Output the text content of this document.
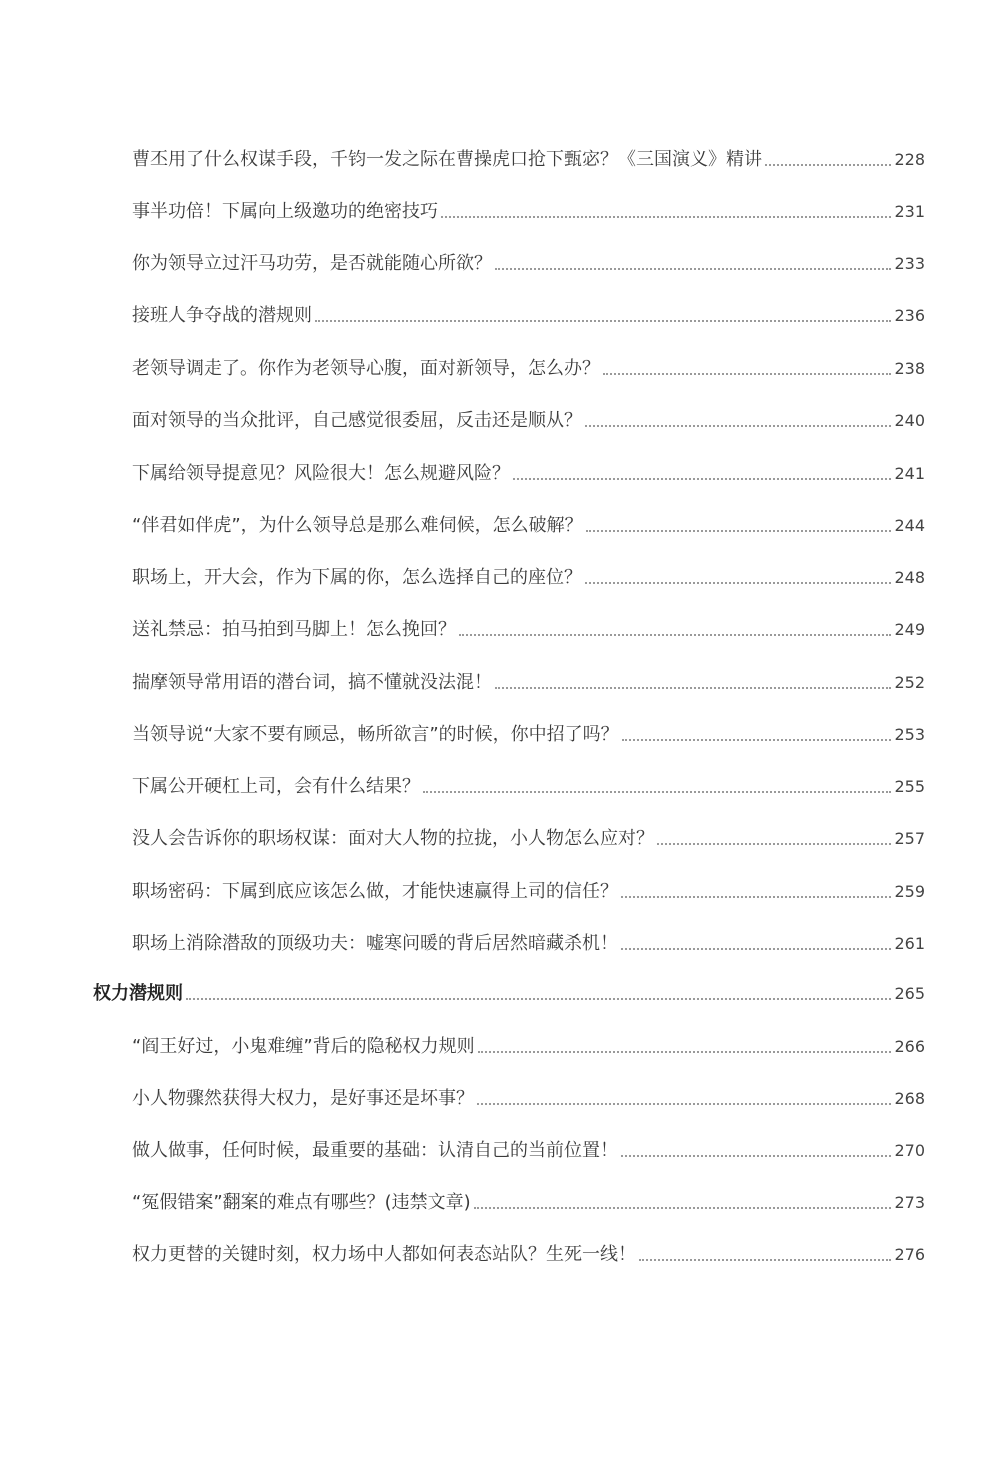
曹丕用了什么权谋手段，千钧一发之际在曹操虎口抢下甄宓？《三国演义》精讲	228
事半功倍！下属向上级邀功的绝密技巧	231
你为领导立过汗马功劳，是否就能随心所欲？	233
接班人争夺战的潜规则	236
老领导调走了。你作为老领导心腹，面对新领导，怎么办？	238
面对领导的当众批评，自己感觉很委屈，反击还是顺从？	240
下属给领导提意见？风险很大！怎么规避风险？	241
“伴君如伴虎”，为什么领导总是那么难伺候，怎么破解？	244
职场上，开大会，作为下属的你，怎么选择自己的座位？	248
送礼禁忌：拍马拍到马脚上！怎么挽回？	249
揣摩领导常用语的潜台词，搞不懂就没法混！	252
当领导说“大家不要有顾忌，畅所欲言”的时候，你中招了吗？	253
下属公开硬杠上司，会有什么结果？	255
没人会告诉你的职场权谋：面对大人物的拉拢，小人物怎么应对？	257
职场密码：下属到底应该怎么做，才能快速赢得上司的信任？	259
职场上消除潜敌的顶级功夫：嘘寒问暖的背后居然暗藏杀机！	261
权力潜规则	265
“阎王好过，小鬼难缠”背后的隐秘权力规则	266
小人物骤然获得大权力，是好事还是坏事？	268
做人做事，任何时候，最重要的基础：认清自己的当前位置！	270
“冤假错案”翻案的难点有哪些？(违禁文章)	273
权力更替的关键时刻，权力场中人都如何表态站队？生死一线！	276
